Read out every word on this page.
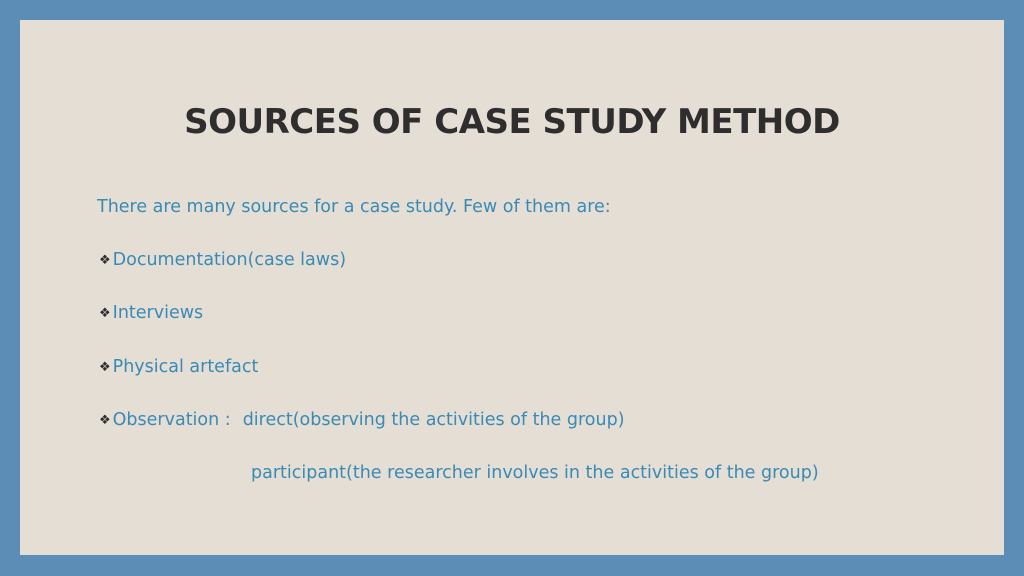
SOURCES OF CASE STUDY METHOD
There are many sources for a case study. Few of them are:
❖ Documentation(case laws)
❖ Interviews
❖ Physical artefact
❖ Observation : direct(observing the activities of the group)
participant(the researcher involves in the activities of the group)
